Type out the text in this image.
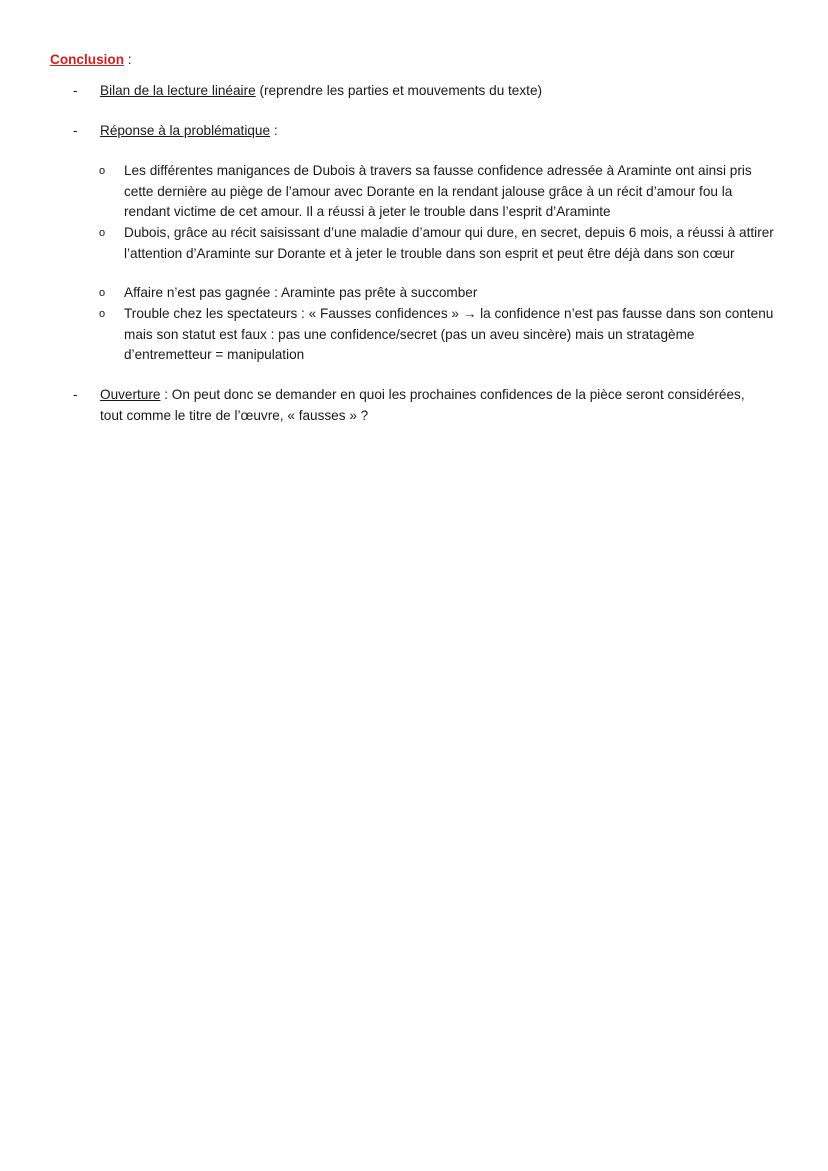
Conclusion :
-	Bilan de la lecture linéaire (reprendre les parties et mouvements du texte)
-	Réponse à la problématique :
o Les différentes manigances de Dubois à travers sa fausse confidence adressée à Araminte ont ainsi pris cette dernière au piège de l’amour avec Dorante en la rendant jalouse grâce à un récit d’amour fou la rendant victime de cet amour. Il a réussi à jeter le trouble dans l’esprit d’Araminte
o Dubois, grâce au récit saisissant d’une maladie d’amour qui dure, en secret, depuis 6 mois, a réussi à attirer l’attention d’Araminte sur Dorante et à jeter le trouble dans son esprit et peut être déjà dans son cœur
o Affaire n’est pas gagnée : Araminte pas prête à succomber
o Trouble chez les spectateurs : « Fausses confidences » → la confidence n’est pas fausse dans son contenu mais son statut est faux : pas une confidence/secret (pas un aveu sincère) mais un stratagème d’entremetteur = manipulation
-	Ouverture : On peut donc se demander en quoi les prochaines confidences de la pièce seront considérées, tout comme le titre de l’œuvre, « fausses » ?
